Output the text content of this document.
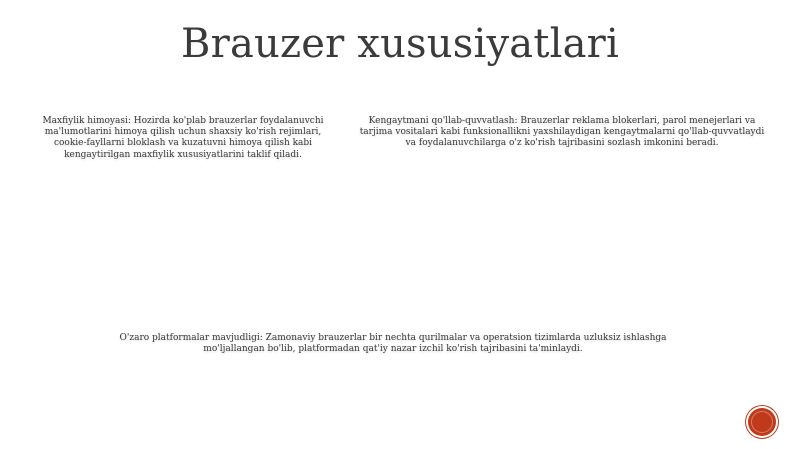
Brauzer xususiyatlari

Maxfiylik himoyasi: Hozirda ko'plab brauzerlar foydalanuvchi ma'lumotlarini himoya qilish uchun shaxsiy ko'rish rejimlari, cookie-fayllarni bloklash va kuzatuvni himoya qilish kabi kengaytirilgan maxfiylik xususiyatlarini taklif qiladi.

Kengaytmani qo'llab-quvvatlash: Brauzerlar reklama blokerlari, parol menejerlari va tarjima vositalari kabi funksionallikni yaxshilaydigan kengaytmalarni qo'llab-quvvatlaydi va foydalanuvchilarga o'z ko'rish tajribasini sozlash imkonini beradi.

O'zaro platformalar mavjudligi: Zamonaviy brauzerlar bir nechta qurilmalar va operatsion tizimlarda uzluksiz ishlashga mo'ljallangan bo'lib, platformadan qat'iy nazar izchil ko'rish tajribasini ta'minlaydi.
